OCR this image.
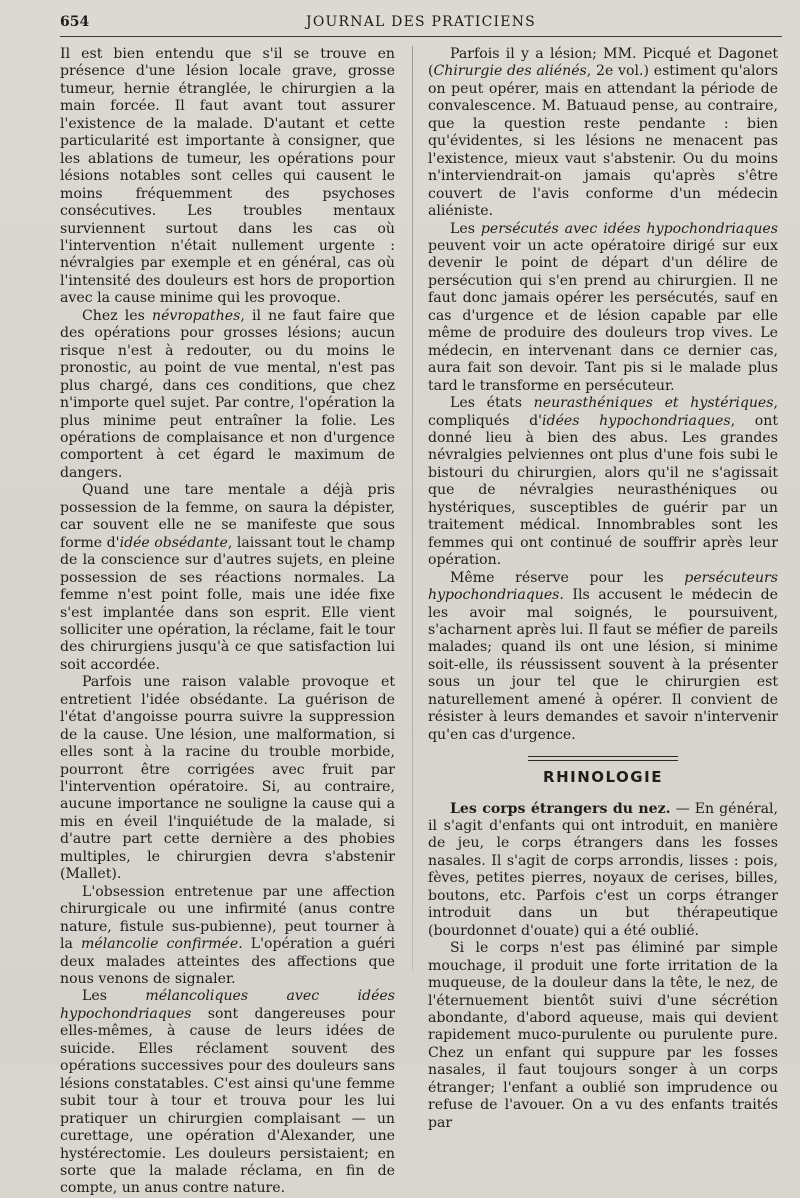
654	JOURNAL DES PRATICIENS

Il est bien entendu que s'il se trouve en présence d'une lésion locale grave, grosse tumeur, hernie étranglée, le chirurgien a la main forcée. Il faut avant tout assurer l'existence de la malade. D'autant et cette particularité est importante à consigner, que les ablations de tumeur, les opérations pour lésions notables sont celles qui causent le moins fréquemment des psychoses consécutives. Les troubles mentaux surviennent surtout dans les cas où l'intervention n'était nullement urgente : névralgies par exemple et en général, cas où l'intensité des douleurs est hors de proportion avec la cause minime qui les provoque.

Chez les névropathes, il ne faut faire que des opérations pour grosses lésions; aucun risque n'est à redouter, ou du moins le pronostic, au point de vue mental, n'est pas plus chargé, dans ces conditions, que chez n'importe quel sujet. Par contre, l'opération la plus minime peut entraîner la folie. Les opérations de complaisance et non d'urgence comportent à cet égard le maximum de dangers.

Quand une tare mentale a déjà pris possession de la femme, on saura la dépister, car souvent elle ne se manifeste que sous forme d'idée obsédante, laissant tout le champ de la conscience sur d'autres sujets, en pleine possession de ses réactions normales. La femme n'est point folle, mais une idée fixe s'est implantée dans son esprit. Elle vient solliciter une opération, la réclame, fait le tour des chirurgiens jusqu'à ce que satisfaction lui soit accordée.

Parfois une raison valable provoque et entretient l'idée obsédante. La guérison de l'état d'angoisse pourra suivre la suppression de la cause. Une lésion, une malformation, si elles sont à la racine du trouble morbide, pourront être corrigées avec fruit par l'intervention opératoire. Si, au contraire, aucune importance ne souligne la cause qui a mis en éveil l'inquiétude de la malade, si d'autre part cette dernière a des phobies multiples, le chirurgien devra s'abstenir (Mallet).

L'obsession entretenue par une affection chirurgicale ou une infirmité (anus contre nature, fistule sus-pubienne), peut tourner à la mélancolie confirmée. L'opération a guéri deux malades atteintes des affections que nous venons de signaler.

Les mélancoliques avec idées hypochondriaques sont dangereuses pour elles-mêmes, à cause de leurs idées de suicide. Elles réclament souvent des opérations successives pour des douleurs sans lésions constatables. C'est ainsi qu'une femme subit tour à tour et trouva pour les lui pratiquer un chirurgien complaisant — un curettage, une opération d'Alexander, une hystérectomie. Les douleurs persistaient; en sorte que la malade réclama, en fin de compte, un anus contre nature.

Parfois il y a lésion; MM. Picqué et Dagonet (Chirurgie des aliénés, 2e vol.) estiment qu'alors on peut opérer, mais en attendant la période de convalescence. M. Batuaud pense, au contraire, que la question reste pendante : bien qu'évidentes, si les lésions ne menacent pas l'existence, mieux vaut s'abstenir. Ou du moins n'interviendrait-on jamais qu'après s'être couvert de l'avis conforme d'un médecin aliéniste.

Les persécutés avec idées hypochondriaques peuvent voir un acte opératoire dirigé sur eux devenir le point de départ d'un délire de persécution qui s'en prend au chirurgien. Il ne faut donc jamais opérer les persécutés, sauf en cas d'urgence et de lésion capable par elle même de produire des douleurs trop vives. Le médecin, en intervenant dans ce dernier cas, aura fait son devoir. Tant pis si le malade plus tard le transforme en persécuteur.

Les états neurasthéniques et hystériques, compliqués d'idées hypochondriaques, ont donné lieu à bien des abus. Les grandes névralgies pelviennes ont plus d'une fois subi le bistouri du chirurgien, alors qu'il ne s'agissait que de névralgies neurasthéniques ou hystériques, susceptibles de guérir par un traitement médical. Innombrables sont les femmes qui ont continué de souffrir après leur opération.

Même réserve pour les persécuteurs hypochondriaques. Ils accusent le médecin de les avoir mal soignés, le poursuivent, s'acharnent après lui. Il faut se méfier de pareils malades; quand ils ont une lésion, si minime soit-elle, ils réussissent souvent à la présenter sous un jour tel que le chirurgien est naturellement amené à opérer. Il convient de résister à leurs demandes et savoir n'intervenir qu'en cas d'urgence.

RHINOLOGIE

Les corps étrangers du nez. — En général, il s'agit d'enfants qui ont introduit, en manière de jeu, le corps étrangers dans les fosses nasales. Il s'agit de corps arrondis, lisses : pois, fèves, petites pierres, noyaux de cerises, billes, boutons, etc. Parfois c'est un corps étranger introduit dans un but thérapeutique (bourdonnet d'ouate) qui a été oublié.

Si le corps n'est pas éliminé par simple mouchage, il produit une forte irritation de la muqueuse, de la douleur dans la tête, le nez, de l'éternuement bientôt suivi d'une sécrétion abondante, d'abord aqueuse, mais qui devient rapidement muco-purulente ou purulente pure. Chez un enfant qui suppure par les fosses nasales, il faut toujours songer à un corps étranger; l'enfant a oublié son imprudence ou refuse de l'avouer. On a vu des enfants traités par
